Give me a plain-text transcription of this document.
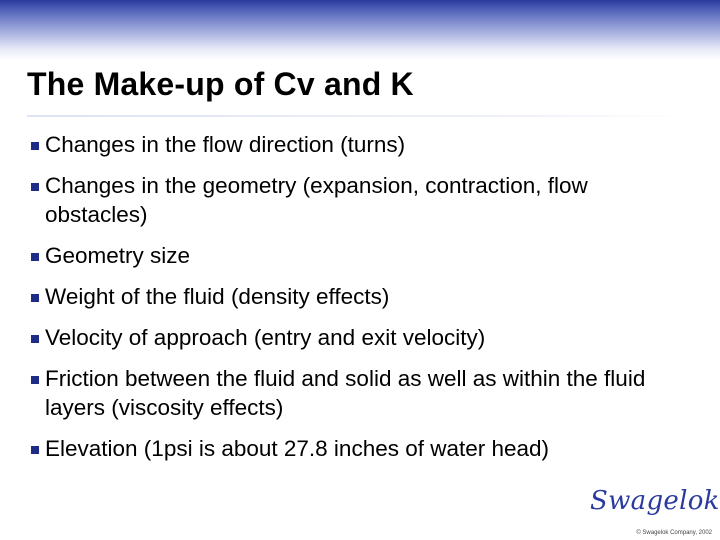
The Make-up of Cv and K
Changes in the flow direction (turns)
Changes in the geometry (expansion, contraction, flow obstacles)
Geometry size
Weight of the fluid (density effects)
Velocity of approach (entry and exit velocity)
Friction between the fluid and solid as well as within the fluid layers (viscosity effects)
Elevation (1psi is about 27.8 inches of water head)
Swagelok
© Swagelok Company, 2002
